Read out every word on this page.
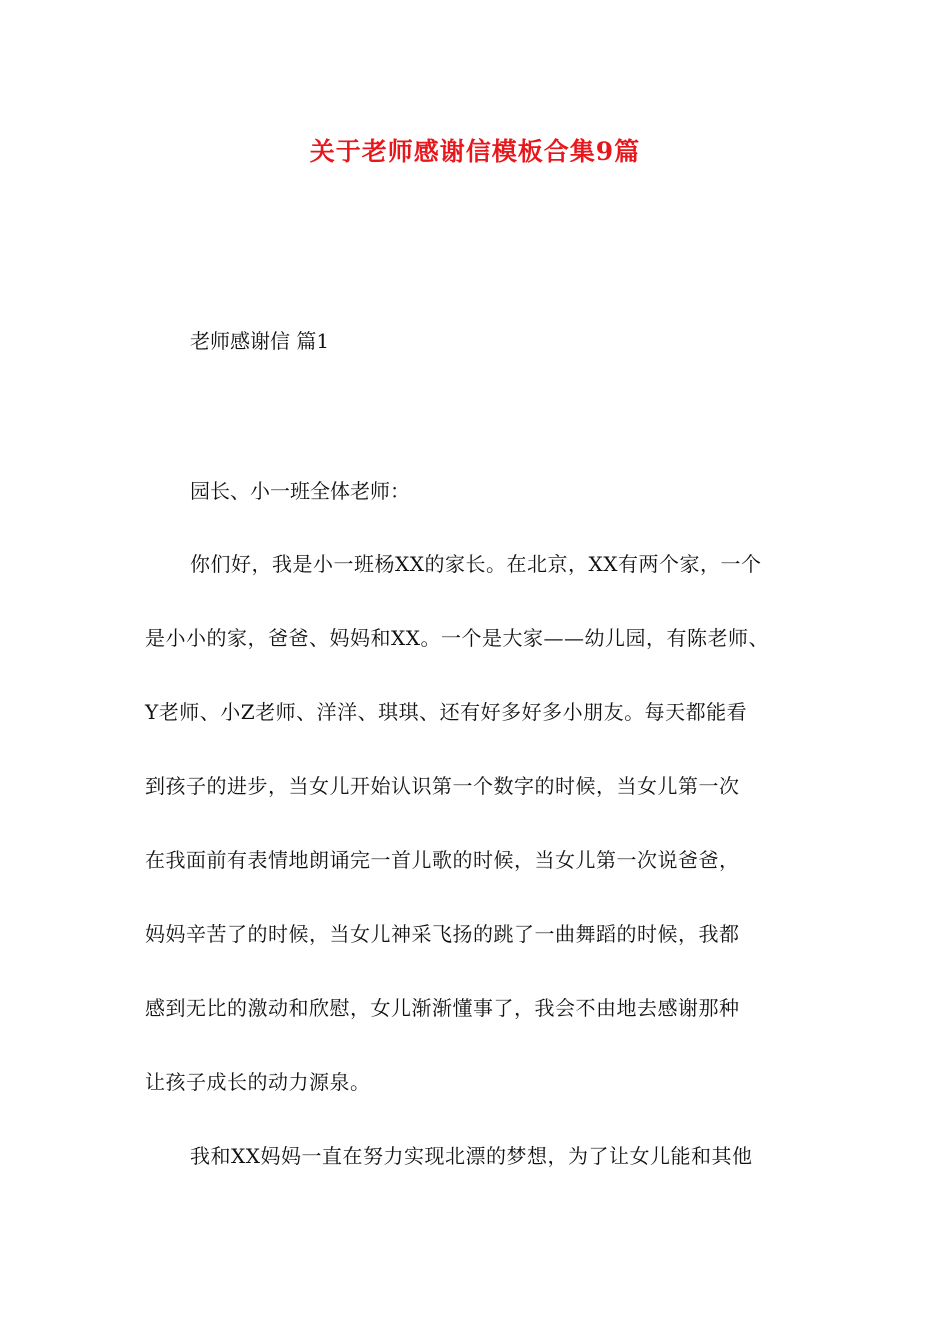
关于老师感谢信模板合集9篇
老师感谢信 篇1
园长、小一班全体老师：
你们好，我是小一班杨XX的家长。在北京，XX有两个家，一个
是小小的家，爸爸、妈妈和XX。一个是大家——幼儿园，有陈老师、
Y老师、小Z老师、洋洋、琪琪、还有好多好多小朋友。每天都能看
到孩子的进步，当女儿开始认识第一个数字的时候，当女儿第一次
在我面前有表情地朗诵完一首儿歌的时候，当女儿第一次说爸爸，
妈妈辛苦了的时候，当女儿神采飞扬的跳了一曲舞蹈的时候，我都
感到无比的激动和欣慰，女儿渐渐懂事了，我会不由地去感谢那种
让孩子成长的动力源泉。
我和XX妈妈一直在努力实现北漂的梦想，为了让女儿能和其他
